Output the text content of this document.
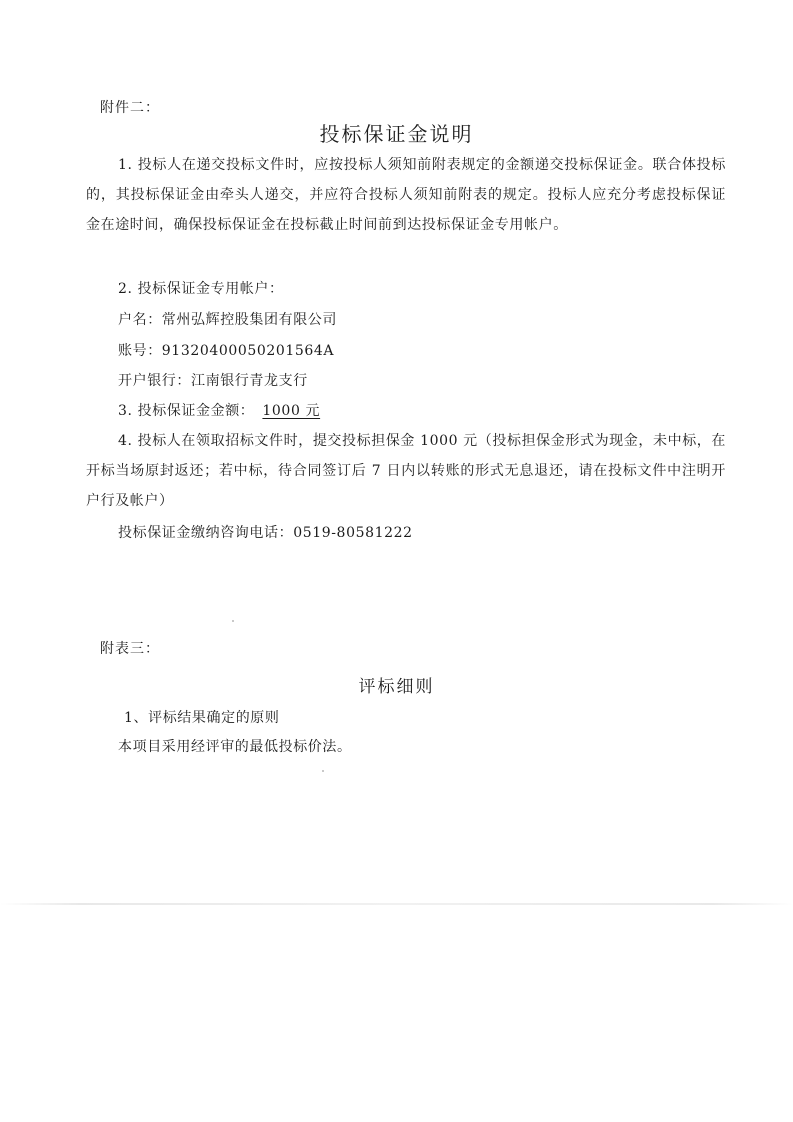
附件二：
投标保证金说明
1. 投标人在递交投标文件时，应按投标人须知前附表规定的金额递交投标保证金。联合体投标的，其投标保证金由牵头人递交，并应符合投标人须知前附表的规定。投标人应充分考虑投标保证金在途时间，确保投标保证金在投标截止时间前到达投标保证金专用帐户。
2. 投标保证金专用帐户：
户名：常州弘辉控股集团有限公司
账号：91320400050201564A
开户银行：江南银行青龙支行
3. 投标保证金金额： 1000 元
4. 投标人在领取招标文件时，提交投标担保金 1000 元（投标担保金形式为现金，未中标，在开标当场原封返还；若中标，待合同签订后 7 日内以转账的形式无息退还，请在投标文件中注明开户行及帐户）
投标保证金缴纳咨询电话：0519-80581222
附表三：
评标细则
1、评标结果确定的原则
本项目采用经评审的最低投标价法。
